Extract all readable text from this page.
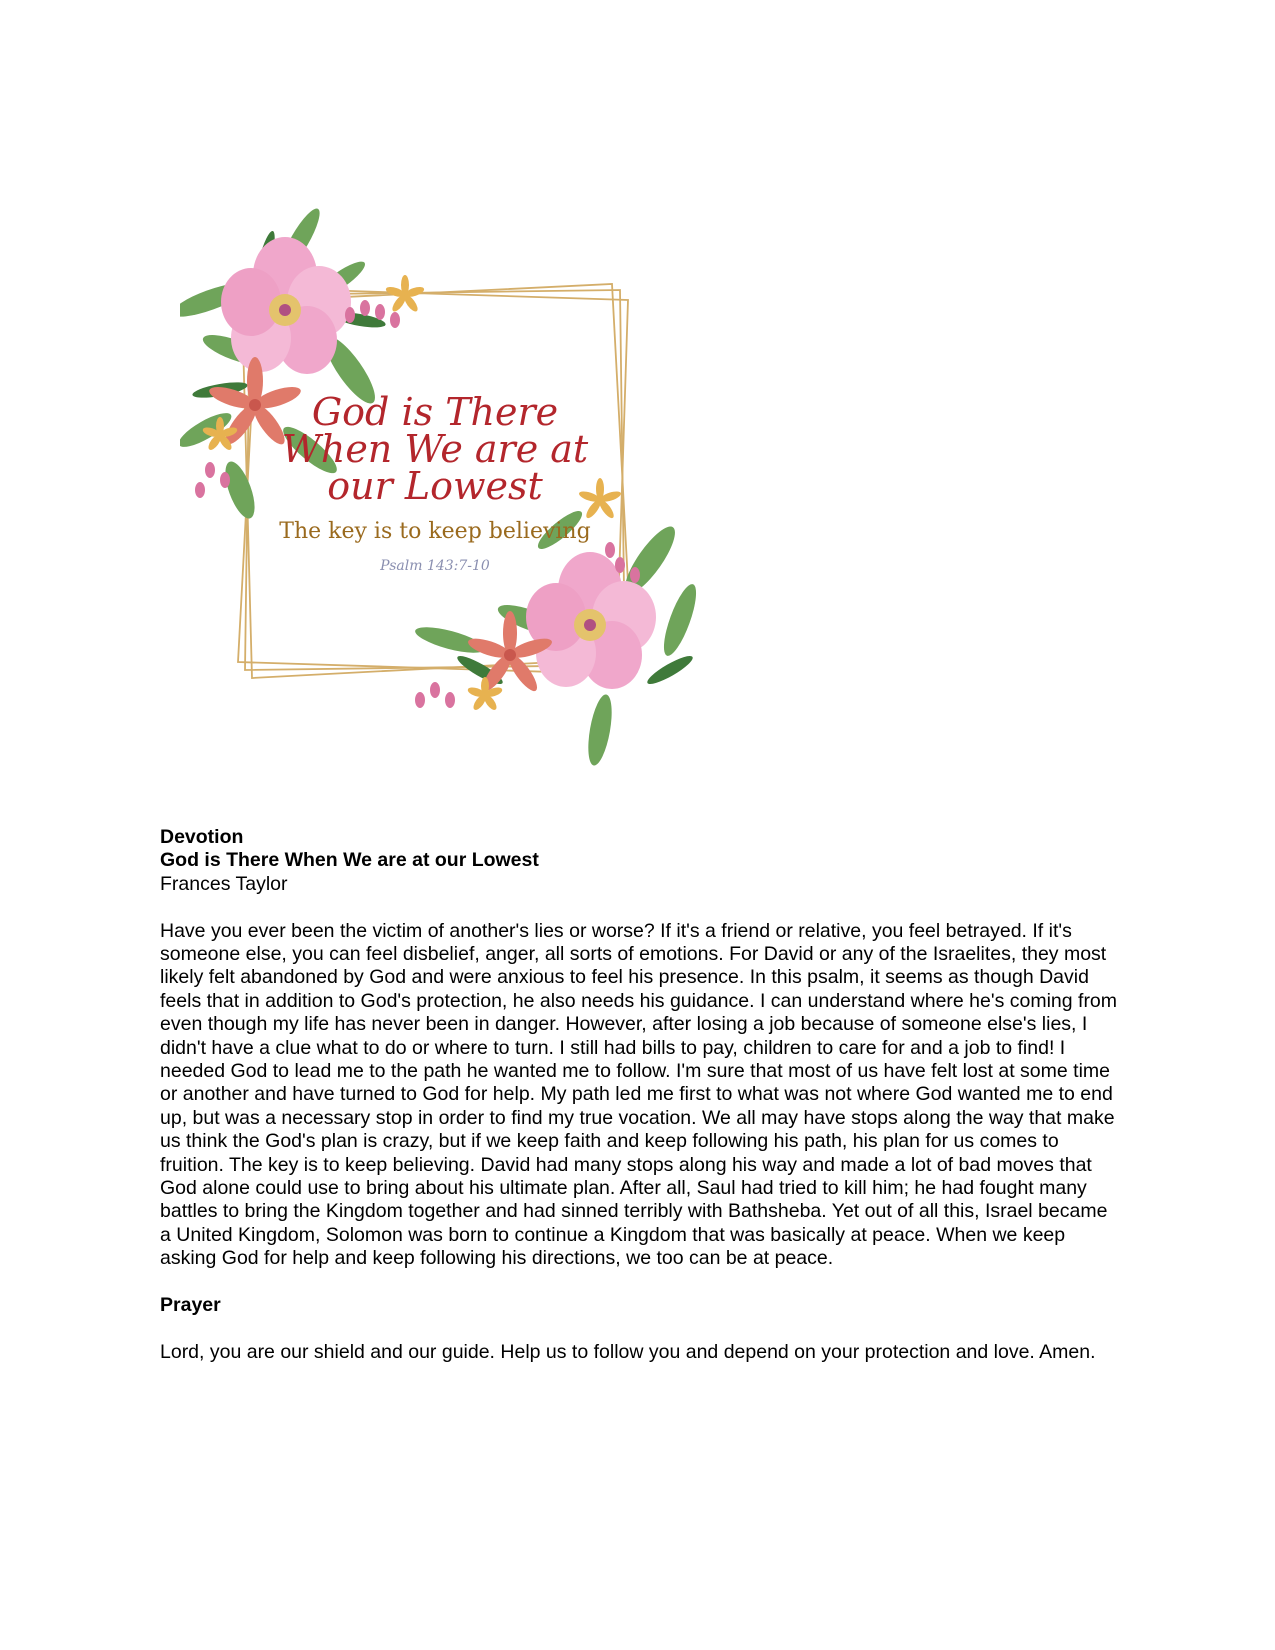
God is There
When We are at
our Lowest
The key is to keep believing
Psalm 143:7-10

Devotion

God is There When We are at our Lowest

Frances Taylor

Have you ever been the victim of another's lies or worse? If it's a friend or relative, you feel betrayed. If it's someone else, you can feel disbelief, anger, all sorts of emotions. For David or any of the Israelites, they most likely felt abandoned by God and were anxious to feel his presence. In this psalm, it seems as though David feels that in addition to God's protection, he also needs his guidance. I can understand where he's coming from even though my life has never been in danger. However, after losing a job because of someone else's lies, I didn't have a clue what to do or where to turn. I still had bills to pay, children to care for and a job to find! I needed God to lead me to the path he wanted me to follow. I'm sure that most of us have felt lost at some time or another and have turned to God for help. My path led me first to what was not where God wanted me to end up, but was a necessary stop in order to find my true vocation. We all may have stops along the way that make us think the God's plan is crazy, but if we keep faith and keep following his path, his plan for us comes to fruition. The key is to keep believing. David had many stops along his way and made a lot of bad moves that God alone could use to bring about his ultimate plan. After all, Saul had tried to kill him; he had fought many battles to bring the Kingdom together and had sinned terribly with Bathsheba. Yet out of all this, Israel became a United Kingdom, Solomon was born to continue a Kingdom that was basically at peace. When we keep asking God for help and keep following his directions, we too can be at peace.

Prayer

Lord, you are our shield and our guide. Help us to follow you and depend on your protection and love. Amen.
